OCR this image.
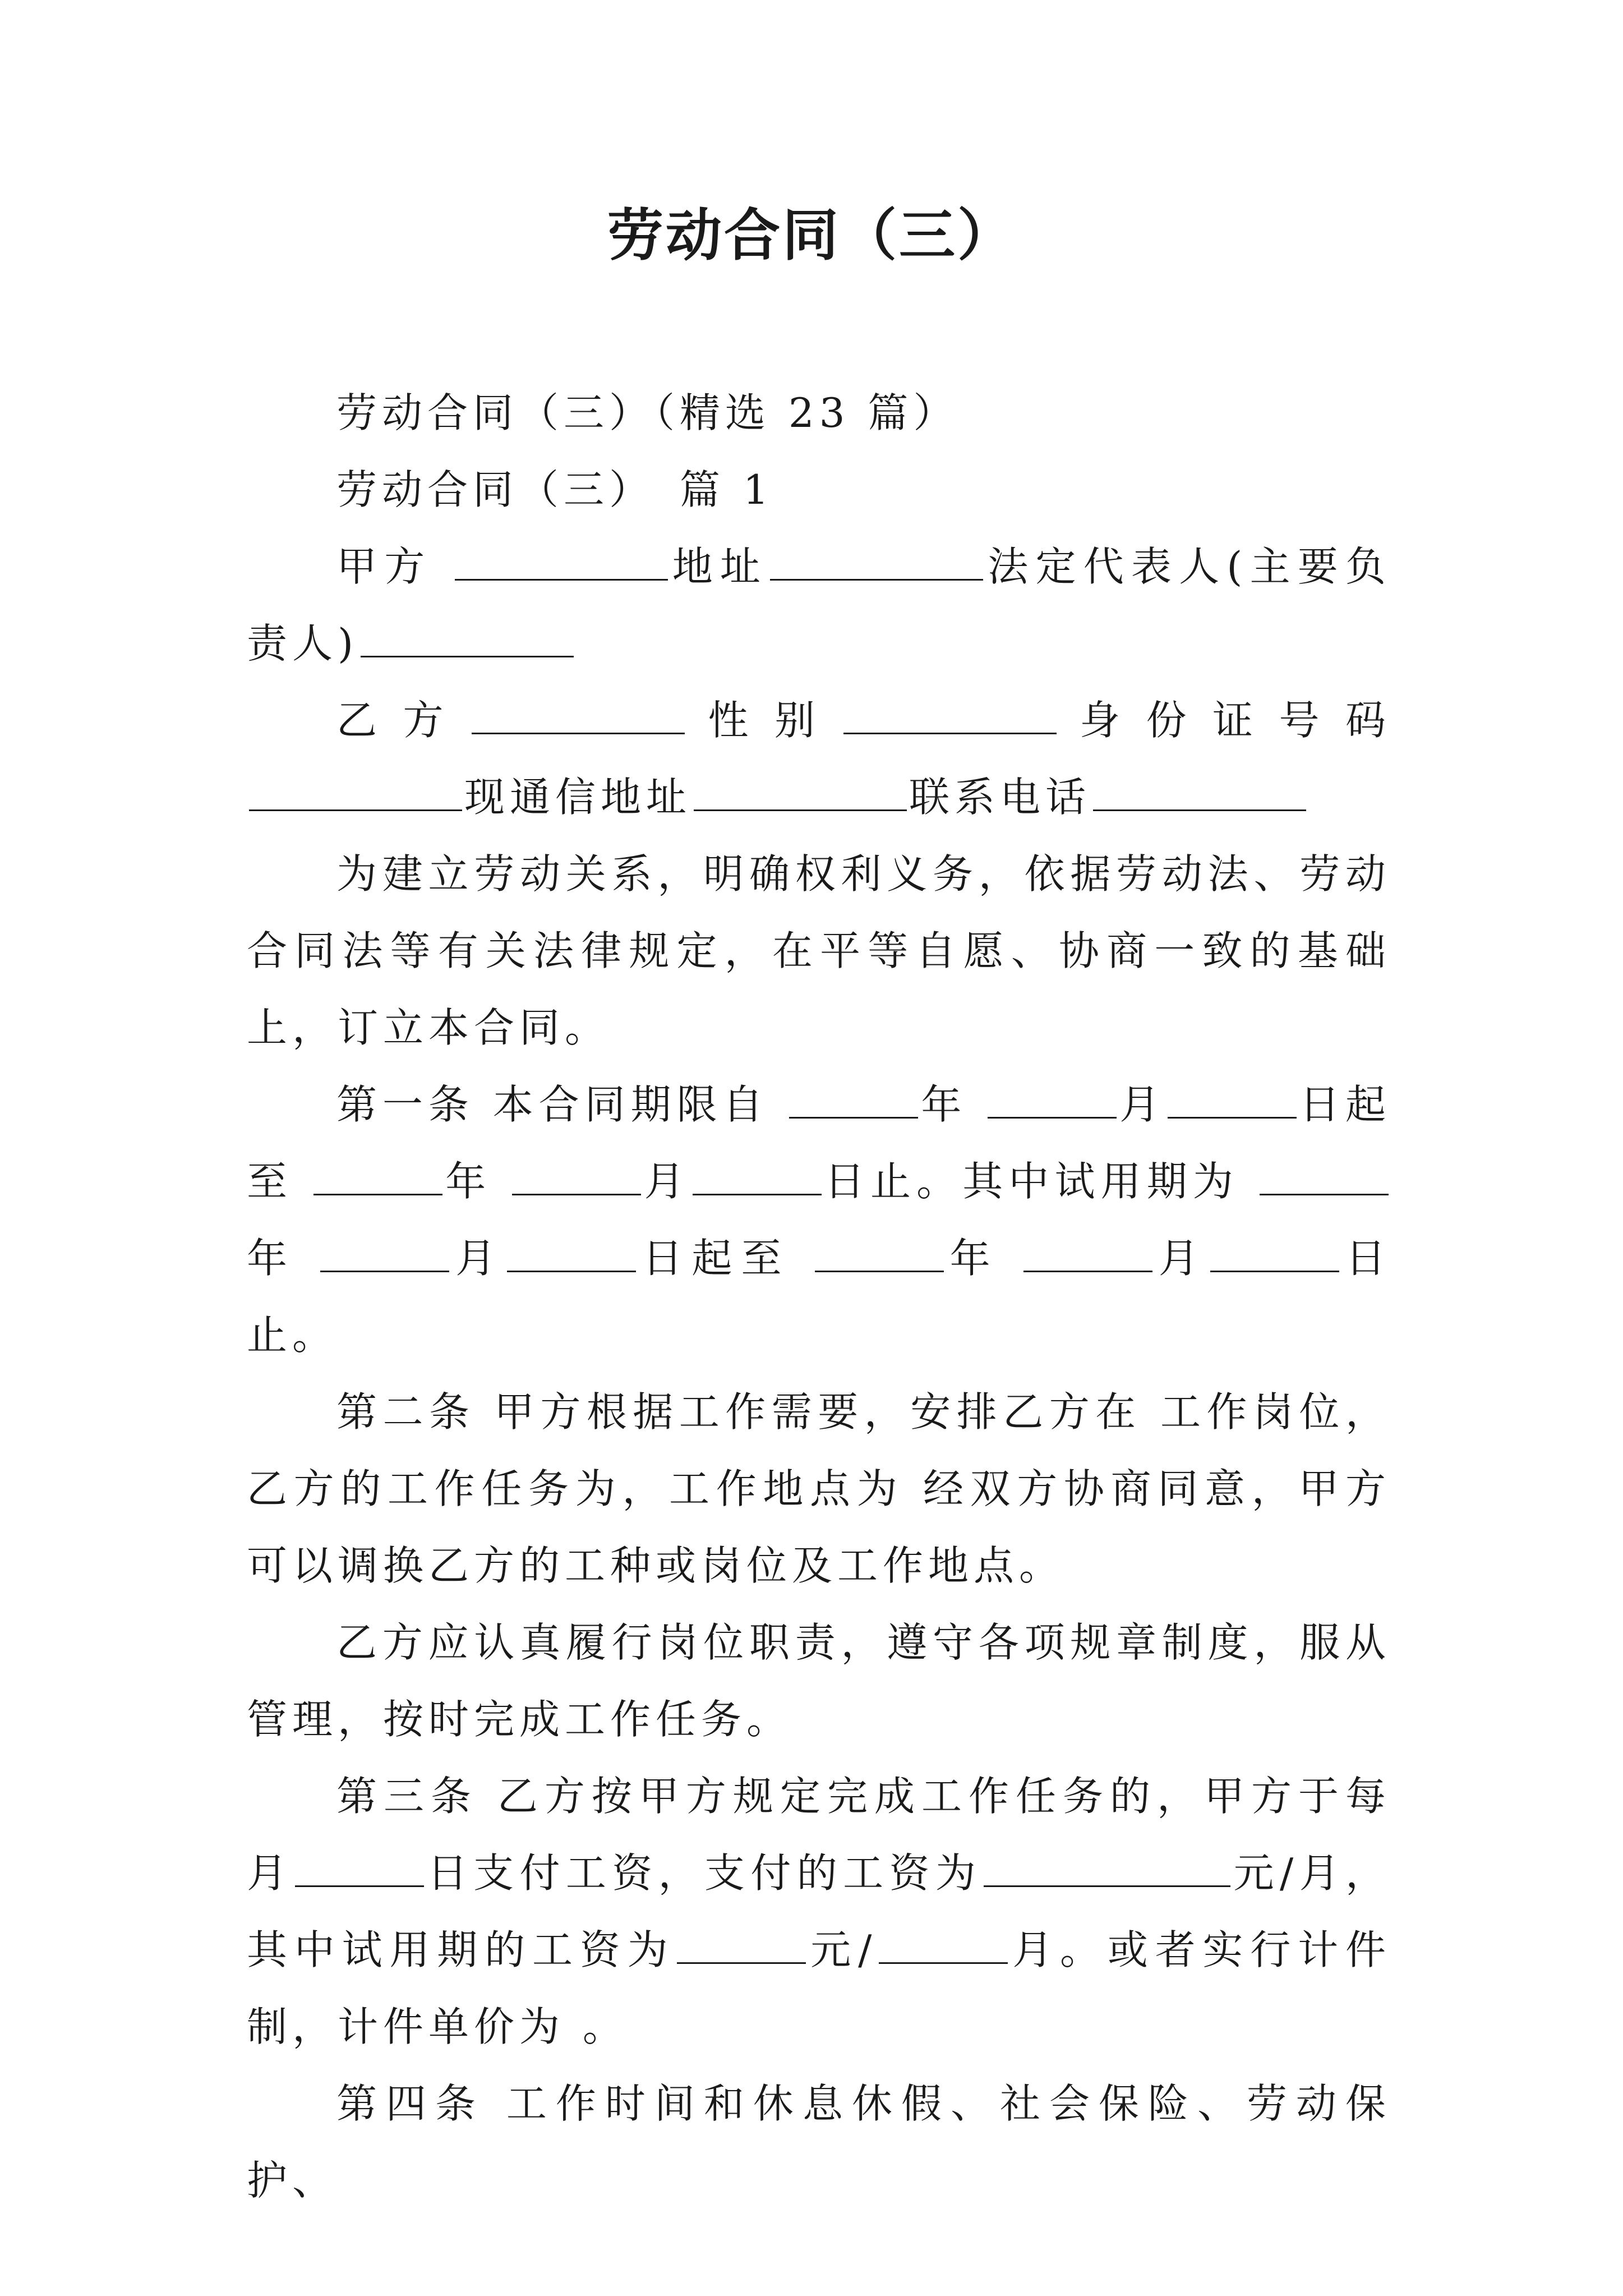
劳动合同（三）

劳动合同（三）（精选 23 篇）

劳动合同（三）　篇 1

甲方	地址	法定代表人(主要负责人)

乙方	性别	身份证号码现通信地址	联系电话

为建立劳动关系，明确权利义务，依据劳动法、劳动合同法等有关法律规定，在平等自愿、协商一致的基础上，订立本合同。

第一条 本合同期限自	年	月	日起至	年	月	日止。其中试用期为 年	月	日起至	年	月	日止。

第二条 甲方根据工作需要，安排乙方在 工作岗位，乙方的工作任务为，工作地点为 经双方协商同意，甲方可以调换乙方的工种或岗位及工作地点。

乙方应认真履行岗位职责，遵守各项规章制度，服从管理，按时完成工作任务。

第三条 乙方按甲方规定完成工作任务的，甲方于每月	日支付工资，支付的工资为	元/月，其中试用期的工资为	元/	月。或者实行计件制，计件单价为 。

第四条 工作时间和休息休假、社会保险、劳动保护、
